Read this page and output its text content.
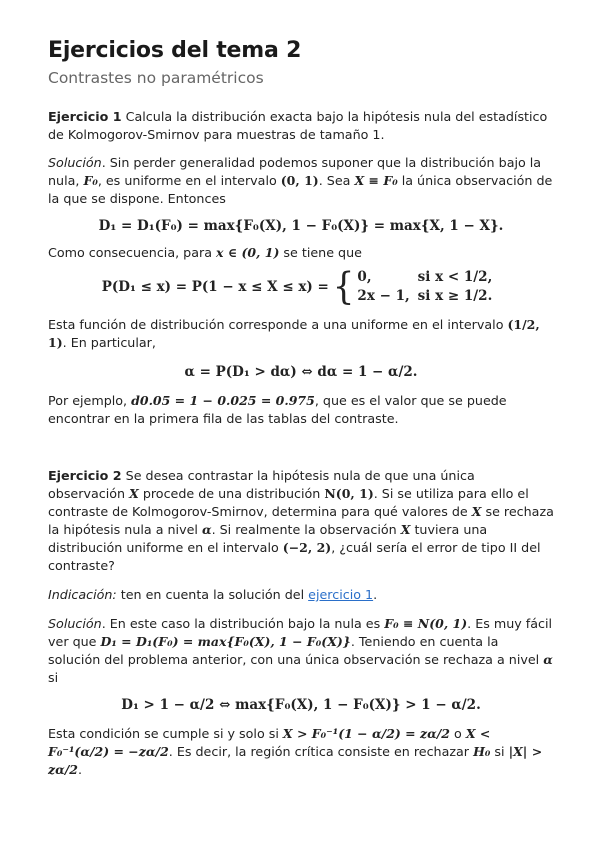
Ejercicios del tema 2
Contrastes no paramétricos

Ejercicio 1 Calcula la distribución exacta bajo la hipótesis nula del estadístico de Kolmogorov-Smirnov para muestras de tamaño 1.

Solución. Sin perder generalidad podemos suponer que la distribución bajo la nula, F₀, es uniforme en el intervalo (0, 1). Sea X ≡ F₀ la única observación de la que se dispone. Entonces

D₁ = D₁(F₀) = max{F₀(X), 1 − F₀(X)} = max{X, 1 − X}.

Como consecuencia, para x ∈ (0, 1) se tiene que

P(D₁ ≤ x) = P(1 − x ≤ X ≤ x) = { 0,	si x < 1/2,
2x − 1,	si x ≥ 1/2.

Esta función de distribución corresponde a una uniforme en el intervalo (1/2, 1). En particular,

α = P(D₁ > dα) ⇔ dα = 1 − α/2.

Por ejemplo, d0.05 = 1 − 0.025 = 0.975, que es el valor que se puede encontrar en la primera fila de las tablas del contraste.

Ejercicio 2 Se desea contrastar la hipótesis nula de que una única observación X procede de una distribución N(0, 1). Si se utiliza para ello el contraste de Kolmogorov-Smirnov, determina para qué valores de X se rechaza la hipótesis nula a nivel α. Si realmente la observación X tuviera una distribución uniforme en el intervalo (−2, 2), ¿cuál sería el error de tipo II del contraste?

Indicación: ten en cuenta la solución del ejercicio 1.

Solución. En este caso la distribución bajo la nula es F₀ ≡ N(0, 1). Es muy fácil ver que D₁ = D₁(F₀) = max{F₀(X), 1 − F₀(X)}. Teniendo en cuenta la solución del problema anterior, con una única observación se rechaza a nivel α si

D₁ > 1 − α/2 ⇔ max{F₀(X), 1 − F₀(X)} > 1 − α/2.

Esta condición se cumple si y solo si X > F₀⁻¹(1 − α/2) = zα/2 o X < F₀⁻¹(α/2) = −zα/2. Es decir, la región crítica consiste en rechazar H₀ si |X| > zα/2.
